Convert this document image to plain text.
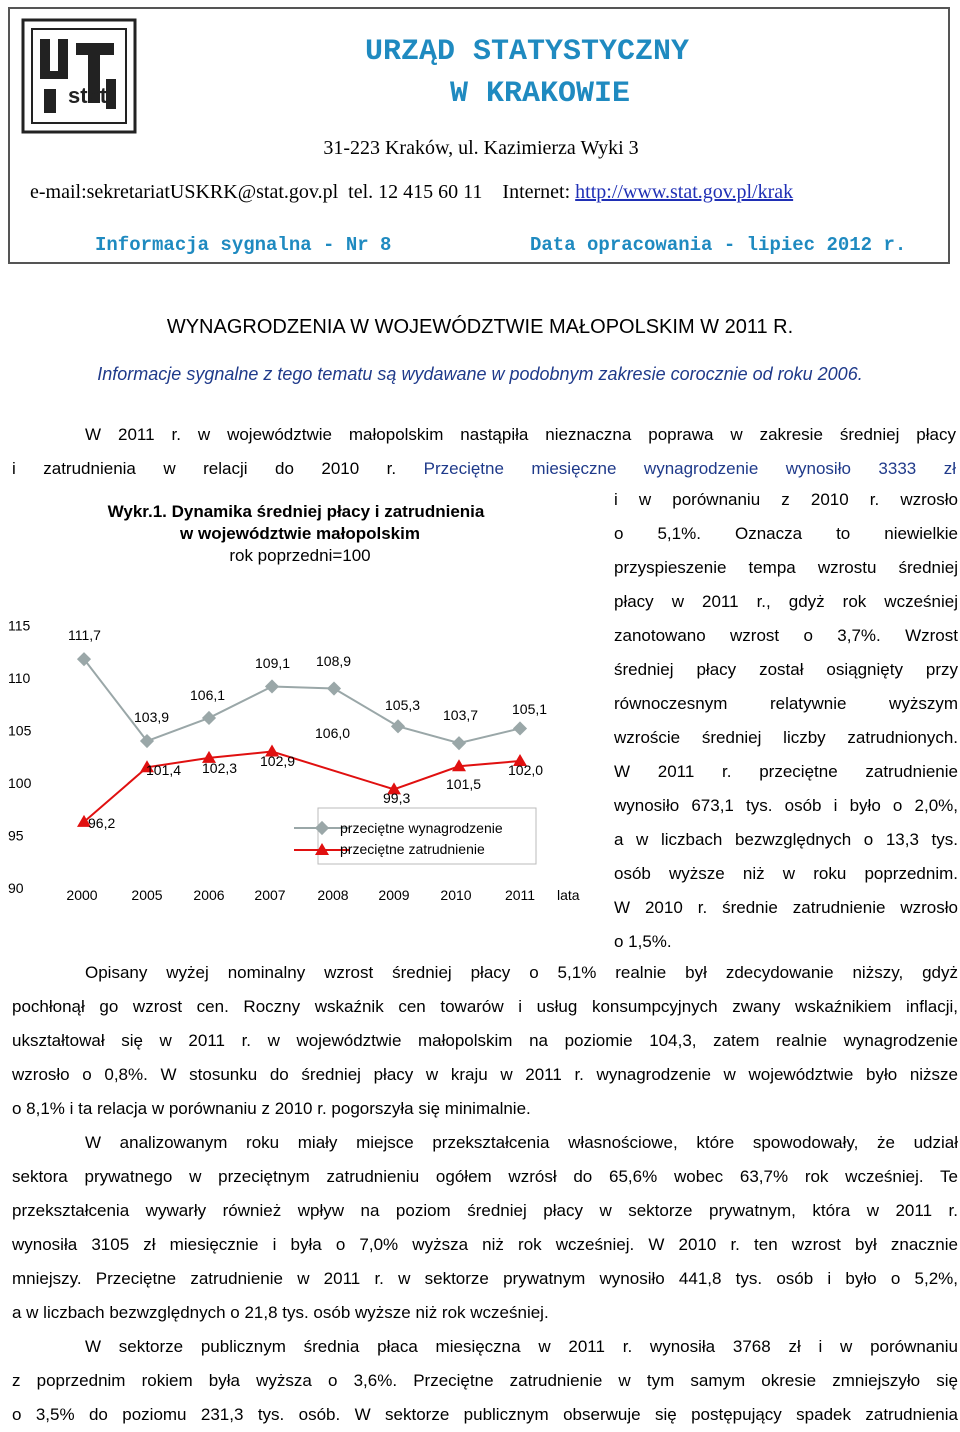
stat
URZĄD STATYSTYCZNY
W KRAKOWIE
31-223 Kraków, ul. Kazimierza Wyki 3
e-mail:sekretariatUSKRK@stat.gov.pl tel. 12 415 60 11 Internet: http://www.stat.gov.pl/krak
Informacja sygnalna - Nr 8	Data opracowania - lipiec 2012 r.
WYNAGRODZENIA W WOJEWÓDZTWIE MAŁOPOLSKIM W 2011 R.
Informacje sygnalne z tego tematu są wydawane w podobnym zakresie corocznie od roku 2006.
W 2011 r. w województwie małopolskim nastąpiła nieznaczna poprawa w zakresie średniej płacy
i zatrudnienia w relacji do 2010 r. Przeciętne miesięczne wynagrodzenie wynosiło 3333 zł
i w porównaniu z 2010 r. wzrosło
o 5,1%. Oznacza to niewielkie
przyspieszenie tempa wzrostu średniej
płacy w 2011 r., gdyż rok wcześniej
zanotowano wzrost o 3,7%. Wzrost
średniej płacy został osiągnięty przy
równoczesnym relatywnie wyższym
wzroście średniej liczby zatrudnionych.
W 2011 r. przeciętne zatrudnienie
wynosiło 673,1 tys. osób i było o 2,0%,
a w liczbach bezwzględnych o 13,3 tys.
osób wyższe niż w roku poprzednim.
W 2010 r. średnie zatrudnienie wzrosło
o 1,5%.
Wykr.1. Dynamika średniej płacy i zatrudnienia
w województwie małopolskim
rok poprzedni=100
90
95
100
105
110
115
2000 2005 2006 2007 2008 2009 2010 2011 lata
111,7
103,9
106,1
109,1 108,9
106,0
105,3
103,7 105,1
96,2
101,4 102,3 102,9
99,3
101,5
102,0
przeciętne wynagrodzenie
przeciętne zatrudnienie
Opisany wyżej nominalny wzrost średniej płacy o 5,1% realnie był zdecydowanie niższy, gdyż
pochłonął go wzrost cen. Roczny wskaźnik cen towarów i usług konsumpcyjnych zwany wskaźnikiem inflacji,
ukształtował się w 2011 r. w województwie małopolskim na poziomie 104,3, zatem realnie wynagrodzenie
wzrosło o 0,8%. W stosunku do średniej płacy w kraju w 2011 r. wynagrodzenie w województwie było niższe
o 8,1% i ta relacja w porównaniu z 2010 r. pogorszyła się minimalnie.
W analizowanym roku miały miejsce przekształcenia własnościowe, które spowodowały, że udział
sektora prywatnego w przeciętnym zatrudnieniu ogółem wzrósł do 65,6% wobec 63,7% rok wcześniej. Te
przekształcenia wywarły również wpływ na poziom średniej płacy w sektorze prywatnym, która w 2011 r.
wynosiła 3105 zł miesięcznie i była o 7,0% wyższa niż rok wcześniej. W 2010 r. ten wzrost był znacznie
mniejszy. Przeciętne zatrudnienie w 2011 r. w sektorze prywatnym wynosiło 441,8 tys. osób i było o 5,2%,
a w liczbach bezwzględnych o 21,8 tys. osób wyższe niż rok wcześniej.
W sektorze publicznym średnia płaca miesięczna w 2011 r. wynosiła 3768 zł i w porównaniu
z poprzednim rokiem była wyższa o 3,6%. Przeciętne zatrudnienie w tym samym okresie zmniejszyło się
o 3,5% do poziomu 231,3 tys. osób. W sektorze publicznym obserwuje się postępujący spadek zatrudnienia
